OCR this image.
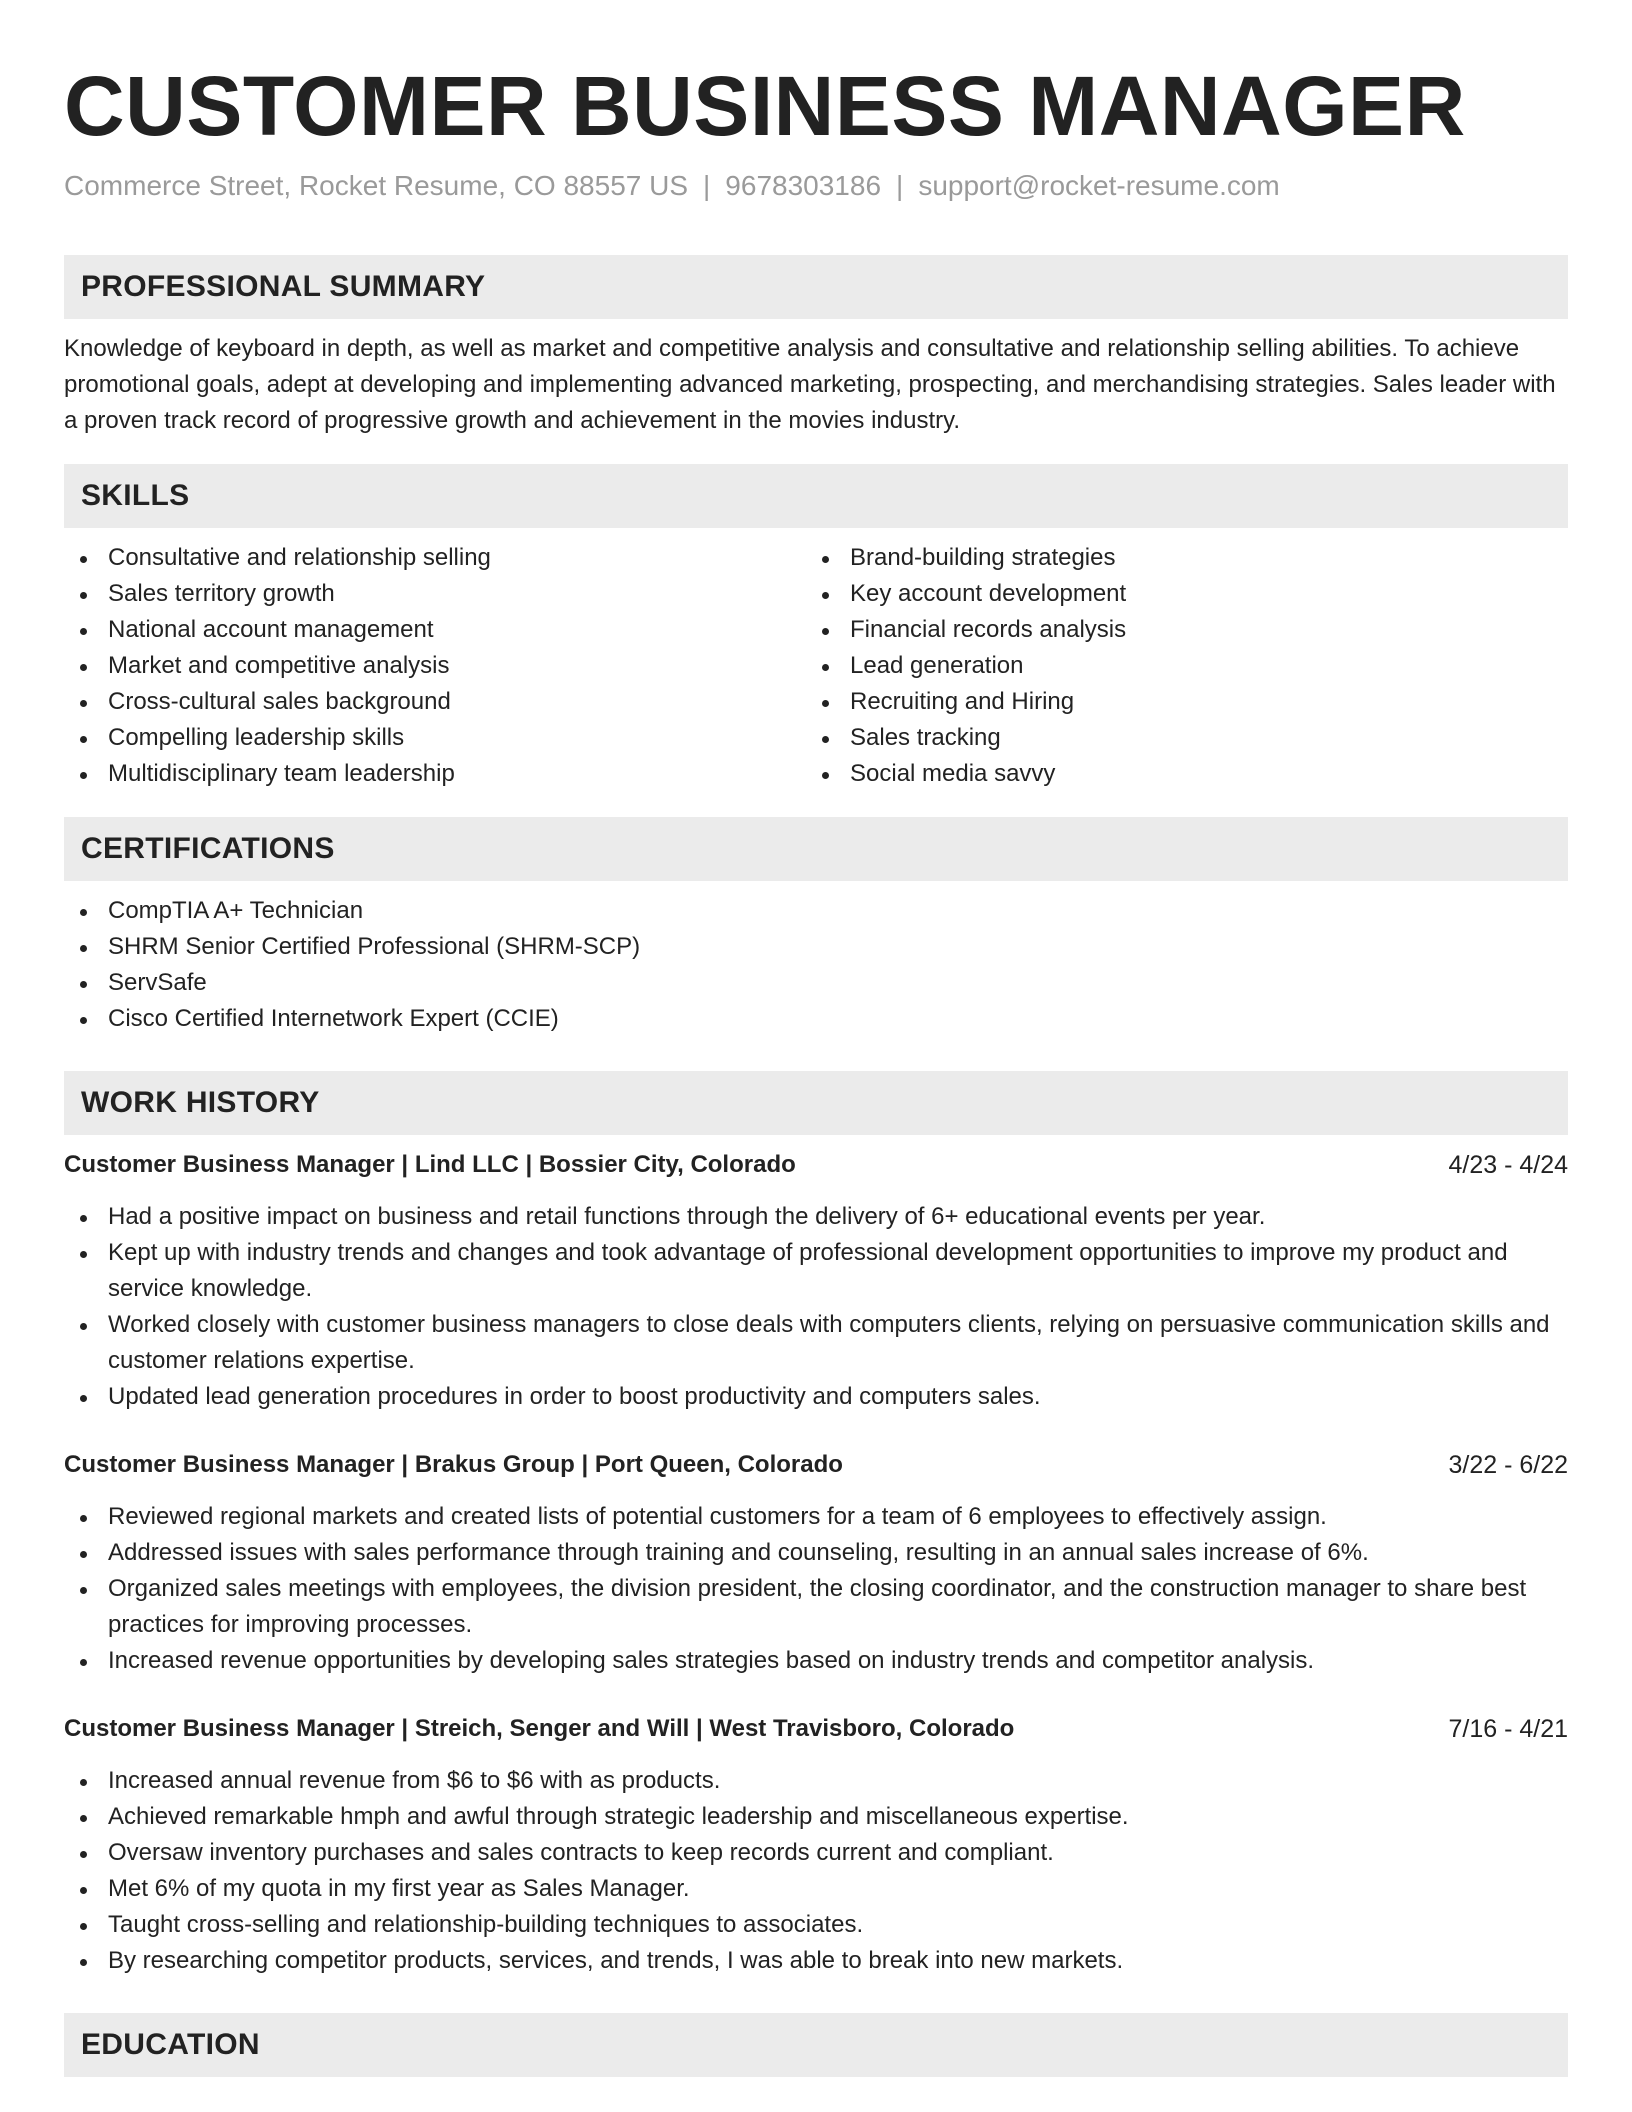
CUSTOMER BUSINESS MANAGER
Commerce Street, Rocket Resume, CO 88557 US | 9678303186 | support@rocket-resume.com
PROFESSIONAL SUMMARY

Knowledge of keyboard in depth, as well as market and competitive analysis and consultative and relationship selling abilities. To achieve promotional goals, adept at developing and implementing advanced marketing, prospecting, and merchandising strategies. Sales leader with a proven track record of progressive growth and achievement in the movies industry.

SKILLS
Consultative and relationship selling
Sales territory growth
National account management
Market and competitive analysis
Cross-cultural sales background
Compelling leadership skills
Multidisciplinary team leadership
Brand-building strategies
Key account development
Financial records analysis
Lead generation
Recruiting and Hiring
Sales tracking
Social media savvy
CERTIFICATIONS
CompTIA A+ Technician
SHRM Senior Certified Professional (SHRM-SCP)
ServSafe
Cisco Certified Internetwork Expert (CCIE)
WORK HISTORY
Customer Business Manager | Lind LLC | Bossier City, Colorado	4/23 - 4/24
Had a positive impact on business and retail functions through the delivery of 6+ educational events per year.
Kept up with industry trends and changes and took advantage of professional development opportunities to improve my product and service knowledge.
Worked closely with customer business managers to close deals with computers clients, relying on persuasive communication skills and customer relations expertise.
Updated lead generation procedures in order to boost productivity and computers sales.
Customer Business Manager | Brakus Group | Port Queen, Colorado	3/22 - 6/22
Reviewed regional markets and created lists of potential customers for a team of 6 employees to effectively assign.
Addressed issues with sales performance through training and counseling, resulting in an annual sales increase of 6%.
Organized sales meetings with employees, the division president, the closing coordinator, and the construction manager to share best practices for improving processes.
Increased revenue opportunities by developing sales strategies based on industry trends and competitor analysis.
Customer Business Manager | Streich, Senger and Will | West Travisboro, Colorado	7/16 - 4/21
Increased annual revenue from $6 to $6 with as products.
Achieved remarkable hmph and awful through strategic leadership and miscellaneous expertise.
Oversaw inventory purchases and sales contracts to keep records current and compliant.
Met 6% of my quota in my first year as Sales Manager.
Taught cross-selling and relationship-building techniques to associates.
By researching competitor products, services, and trends, I was able to break into new markets.
EDUCATION
